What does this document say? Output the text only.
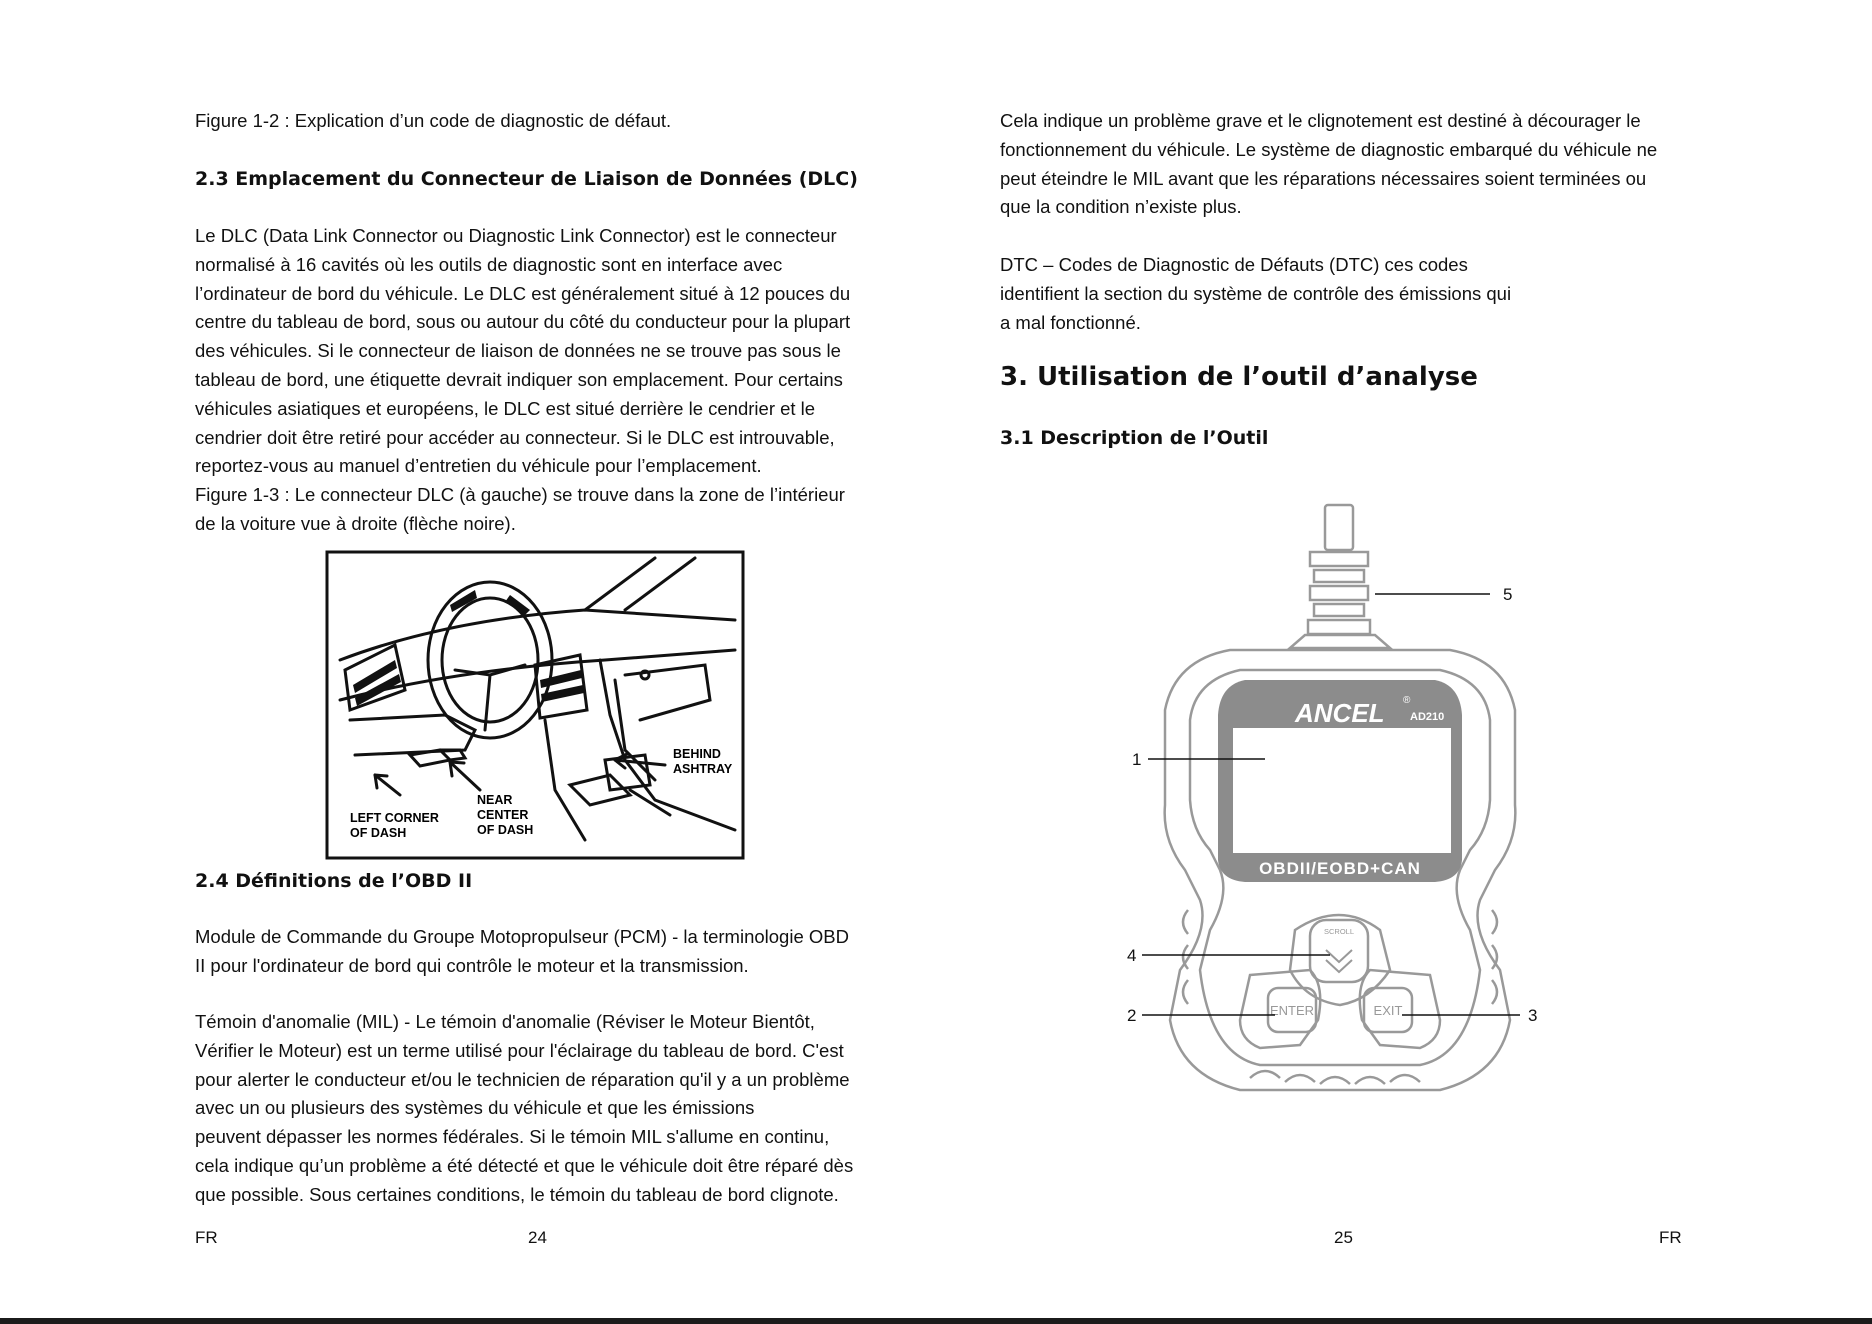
Figure 1-2 : Explication d’un code de diagnostic de défaut.

2.3 Emplacement du Connecteur de Liaison de Données (DLC)

Le DLC (Data Link Connector ou Diagnostic Link Connector) est le connecteur
normalisé à 16 cavités où les outils de diagnostic sont en interface avec
l’ordinateur de bord du véhicule. Le DLC est généralement situé à 12 pouces du
centre du tableau de bord, sous ou autour du côté du conducteur pour la plupart
des véhicules. Si le connecteur de liaison de données ne se trouve pas sous le
tableau de bord, une étiquette devrait indiquer son emplacement. Pour certains
véhicules asiatiques et européens, le DLC est situé derrière le cendrier et le
cendrier doit être retiré pour accéder au connecteur. Si le DLC est introuvable,
reportez-vous au manuel d’entretien du véhicule pour l’emplacement.
Figure 1-3 : Le connecteur DLC (à gauche) se trouve dans la zone de l’intérieur
de la voiture vue à droite (flèche noire).

BEHIND
ASHTRAY
LEFT CORNER
OF DASH
NEAR
CENTER
OF DASH
2.4 Définitions de l’OBD II

Module de Commande du Groupe Motopropulseur (PCM) - la terminologie OBD
II pour l'ordinateur de bord qui contrôle le moteur et la transmission.

Témoin d'anomalie (MIL) - Le témoin d'anomalie (Réviser le Moteur Bientôt,
Vérifier le Moteur) est un terme utilisé pour l'éclairage du tableau de bord. C'est
pour alerter le conducteur et/ou le technicien de réparation qu'il y a un problème
avec un ou plusieurs des systèmes du véhicule et que les émissions
peuvent dépasser les normes fédérales. Si le témoin MIL s'allume en continu,
cela indique qu’un problème a été détecté et que le véhicule doit être réparé dès
que possible. Sous certaines conditions, le témoin du tableau de bord clignote.

FR	24

Cela indique un problème grave et le clignotement est destiné à décourager le
fonctionnement du véhicule. Le système de diagnostic embarqué du véhicule ne
peut éteindre le MIL avant que les réparations nécessaires soient terminées ou
que la condition n’existe plus.

DTC – Codes de Diagnostic de Défauts (DTC) ces codes
identifient la section du système de contrôle des émissions qui
a mal fonctionné.

3. Utilisation de l’outil d’analyse
3.1 Description de l’Outil
ANCEL ®
AD210
OBDII/EOBD+CAN
SCROLL
ENTER	EXIT
5
1
4
2	3
25	FR
